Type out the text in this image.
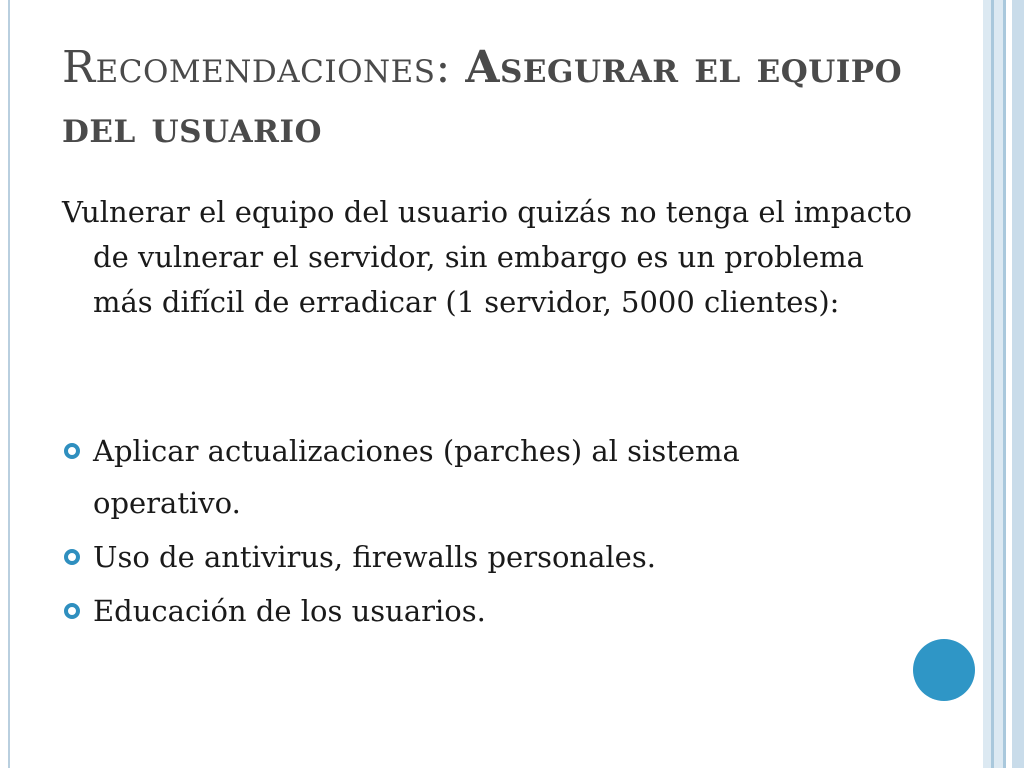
Recomendaciones: Asegurar el equipo del usuario

Vulnerar el equipo del usuario quizás no tenga el impacto de vulnerar el servidor, sin embargo es un problema más difícil de erradicar (1 servidor, 5000 clientes):

Aplicar actualizaciones (parches) al sistema operativo.
Uso de antivirus, firewalls personales.
Educación de los usuarios.
